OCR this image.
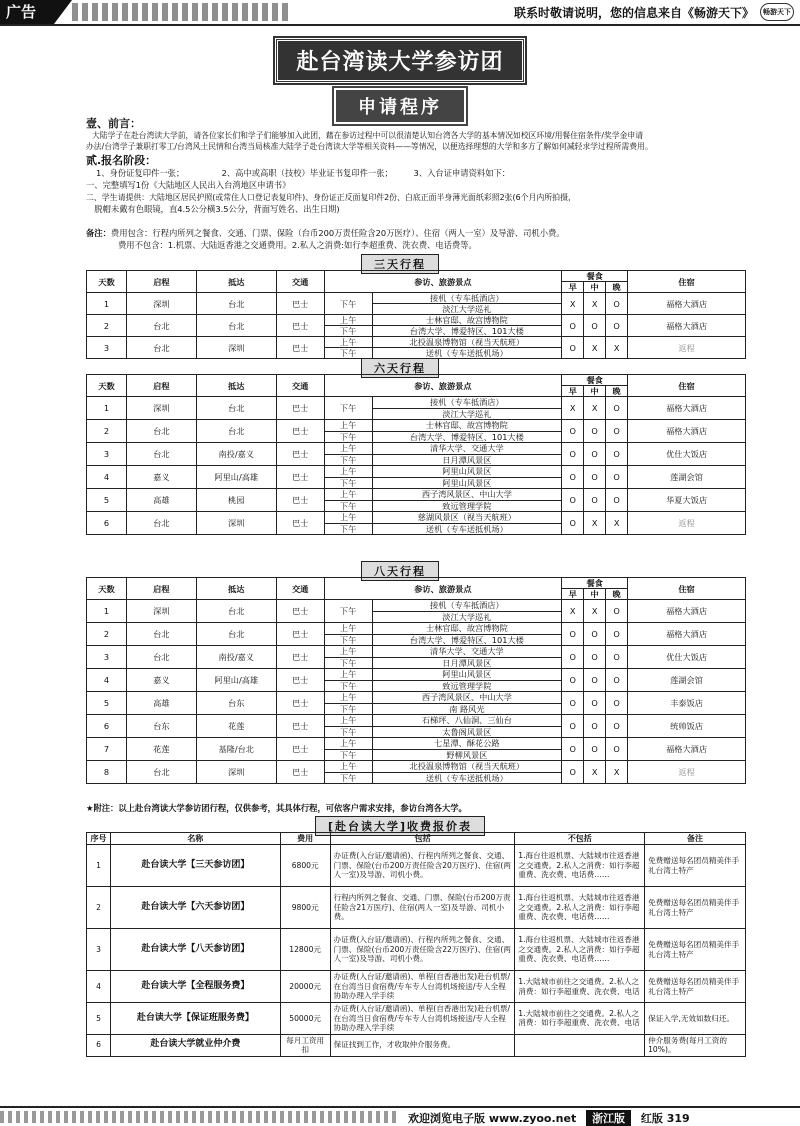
广告	联系时敬请说明，您的信息来自《畅游天下》	畅游天下
赴台湾读大学参访团
申请程序
壹、前言：
大陆学子在赴台湾读大学前，请各位家长们和学子们能够加入此团，藉在参访过程中可以很清楚认知台湾各大学的基本情况如校区环境/用餐住宿条件/奖学金申请
办法/台湾学子兼职打零工/台湾风土民情和台湾当局核准大陆学子赴台湾读大学等相关资料——等情况，以便选择理想的大学和多方了解如何减轻求学过程所需费用。
贰.报名阶段：
1、身份证复印件一张；　　　　　2、高中或高职（技校）毕业证书复印件一张；　　　3、入台证申请资料如下：
一、完整填写1份《大陆地区人民出入台湾地区申请书》
二、学生请提供：大陆地区居民护照(或常住人口登记表复印件)、身份证正反面复印件2份、白底正面半身薄光面纸彩照2张(6个月内所拍摄，
　脱帽未戴有色眼镜，直4.5公分横3.5公分，背面写姓名、出生日期)
备注：费用包含：行程内所列之餐食、交通、门票、保险（台币200万责任险含20万医疗）、住宿（两人一室）及导游、司机小费。
费用不包含：1.机票、大陆返香港之交通费用。2.私人之消费:如行李超重费、洗衣费、电话费等。
三天行程
天数	启程	抵达	交通	参访、旅游景点		餐食			住宿
						早	中	晚	
1	深圳	台北	巴士	下午	接机（专车抵酒店）	X	X	O	福格大酒店
					淡江大学巡礼				
2	台北	台北	巴士	上午	士林官邸、故宫博物院	O	O	O	福格大酒店
				下午	台湾大学、博爱特区、101大楼				
3	台北	深圳	巴士	上午	北投温泉博物馆（视当天航班）	O	X	X	返程
				下午	送机（专车送抵机场）				
六天行程
天数	启程	抵达	交通	参访、旅游景点		餐食			住宿
						早	中	晚	
1	深圳	台北	巴士	下午	接机（专车抵酒店）	X	X	O	福格大酒店
					淡江大学巡礼				
2	台北	台北	巴士	上午	士林官邸、故宫博物院	O	O	O	福格大酒店
				下午	台湾大学、博爱特区、101大楼				
3	台北	南投/嘉义	巴士	上午	清华大学、交通大学	O	O	O	优仕大饭店
				下午	日月潭风景区				
4	嘉义	阿里山/高雄	巴士	上午	阿里山风景区	O	O	O	莲湖会馆
				下午	阿里山风景区				
5	高雄	桃园	巴士	上午	西子湾风景区、中山大学	O	O	O	华夏大饭店
				下午	致远管理学院				
6	台北	深圳	巴士	上午	慈湖风景区（视当天航班）	O	X	X	返程
				下午	送机（专车送抵机场）				
八天行程
天数	启程	抵达	交通	参访、旅游景点		餐食			住宿
						早	中	晚	
1	深圳	台北	巴士	下午	接机（专车抵酒店）	X	X	O	福格大酒店
					淡江大学巡礼				
2	台北	台北	巴士	上午	士林官邸、故宫博物院	O	O	O	福格大酒店
				下午	台湾大学、博爱特区、101大楼				
3	台北	南投/嘉义	巴士	上午	清华大学、交通大学	O	O	O	优仕大饭店
				下午	日月潭风景区				
4	嘉义	阿里山/高雄	巴士	上午	阿里山风景区	O	O	O	莲湖会馆
				下午	致远管理学院				
5	高雄	台东	巴士	上午	西子湾风景区、中山大学	O	O	O	丰泰饭店
				下午	南 路风光				
6	台东	花莲	巴士	上午	石梯坪、八仙洞、三仙台	O	O	O	统帅饭店
				下午	太鲁阁风景区				
7	花莲	基隆/台北	巴士	上午	七星潭、酥花公路	O	O	O	福格大酒店
				下午	野柳风景区				
8	台北	深圳	巴士	上午	北投温泉博物馆（视当天航班）	O	X	X	返程
				下午	送机（专车送抵机场）				
★附注：以上赴台湾读大学参访团行程，仅供参考，其具体行程，可依客户需求安排，参访台湾各大学。
[赴台读大学]收费报价表
序号	名称	费用	包括	不包括	备注
1	赴台读大学【三天参访团】	6800元	办证费(入台证/邀请函)、行程内所列之餐食、交通、门票、保险(台币200万责任险含20万医疗)、住宿(两人一室)及导游、司机小费。	1.海台往返机票、大陆城市往返香港之交通费。2.私人之消费：如行李超重费、洗衣费、电话费……	免费赠送每名团员精美伴手礼台湾土特产
2	赴台读大学【六天参访团】	9800元	行程内所列之餐食、交通、门票、保险(台币200万责任险含21万医疗)、住宿(两人一室)及导游、司机小费。	1.海台往返机票、大陆城市往返香港之交通费。2.私人之消费：如行李超重费、洗衣费、电话费……	免费赠送每名团员精美伴手礼台湾土特产
3	赴台读大学【八天参访团】	12800元	办证费(入台证/邀请函)、行程内所列之餐食、交通、门票、保险(台币200万责任险含22万医疗)、住宿(两人一室)及导游、司机小费。	1.海台往返机票、大陆城市往返香港之交通费。2.私人之消费：如行李超重费、洗衣费、电话费……	免费赠送每名团员精美伴手礼台湾土特产
4	赴台读大学【全程服务费】	20000元	办证费(入台证/邀请函)、单程(自香港出发)赴台机票/在台湾当日食宿费/专车专人台湾机场接送/专人全程协助办理入学手续	1.大陆城市前往之交通费。2.私人之消费：如行李超重费、洗衣费、电话	免费赠送每名团员精美伴手礼台湾土特产
5	赴台读大学【保证班服务费】	50000元	办证费(入台证/邀请函)、单程(自香港出发)赴台机票/在台湾当日食宿费/专车专人台湾机场接送/专人全程协助办理入学手续	1.大陆城市前往之交通费。2.私人之消费：如行李超重费、洗衣费、电话	保证入学,无效如数归还。
6	赴台读大学就业仲介费	每月工资用扣	保证找到工作，才收取仲介服务费。		仲介服务费(每月工资的10%)。
欢迎浏览电子版 www.zyoo.net 浙江版 红版 319
